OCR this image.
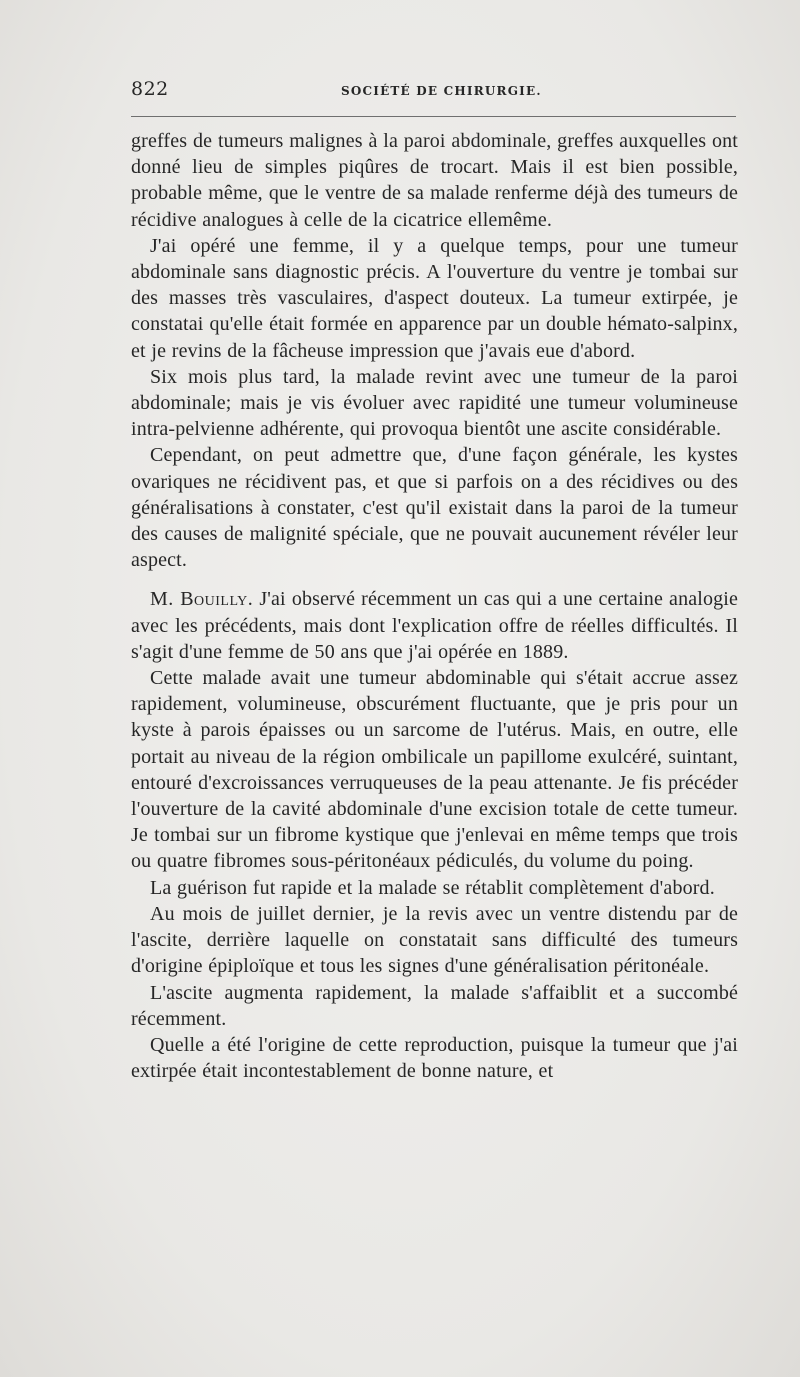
822	SOCIÉTÉ DE CHIRURGIE.

greffes de tumeurs malignes à la paroi abdominale, greffes auxquelles ont donné lieu de simples piqûres de trocart. Mais il est bien possible, probable même, que le ventre de sa malade renferme déjà des tumeurs de récidive analogues à celle de la cicatrice ellemême.

J'ai opéré une femme, il y a quelque temps, pour une tumeur abdominale sans diagnostic précis. A l'ouverture du ventre je tombai sur des masses très vasculaires, d'aspect douteux. La tumeur extirpée, je constatai qu'elle était formée en apparence par un double hémato-salpinx, et je revins de la fâcheuse impression que j'avais eue d'abord.

Six mois plus tard, la malade revint avec une tumeur de la paroi abdominale; mais je vis évoluer avec rapidité une tumeur volumineuse intra-pelvienne adhérente, qui provoqua bientôt une ascite considérable.

Cependant, on peut admettre que, d'une façon générale, les kystes ovariques ne récidivent pas, et que si parfois on a des récidives ou des généralisations à constater, c'est qu'il existait dans la paroi de la tumeur des causes de malignité spéciale, que ne pouvait aucunement révéler leur aspect.

M. Bouilly. J'ai observé récemment un cas qui a une certaine analogie avec les précédents, mais dont l'explication offre de réelles difficultés. Il s'agit d'une femme de 50 ans que j'ai opérée en 1889.

Cette malade avait une tumeur abdominable qui s'était accrue assez rapidement, volumineuse, obscurément fluctuante, que je pris pour un kyste à parois épaisses ou un sarcome de l'utérus. Mais, en outre, elle portait au niveau de la région ombilicale un papillome exulcéré, suintant, entouré d'excroissances verruqueuses de la peau attenante. Je fis précéder l'ouverture de la cavité abdominale d'une excision totale de cette tumeur. Je tombai sur un fibrome kystique que j'enlevai en même temps que trois ou quatre fibromes sous-péritonéaux pédiculés, du volume du poing.

La guérison fut rapide et la malade se rétablit complètement d'abord.

Au mois de juillet dernier, je la revis avec un ventre distendu par de l'ascite, derrière laquelle on constatait sans difficulté des tumeurs d'origine épiploïque et tous les signes d'une généralisation péritonéale.

L'ascite augmenta rapidement, la malade s'affaiblit et a succombé récemment.

Quelle a été l'origine de cette reproduction, puisque la tumeur que j'ai extirpée était incontestablement de bonne nature, et
